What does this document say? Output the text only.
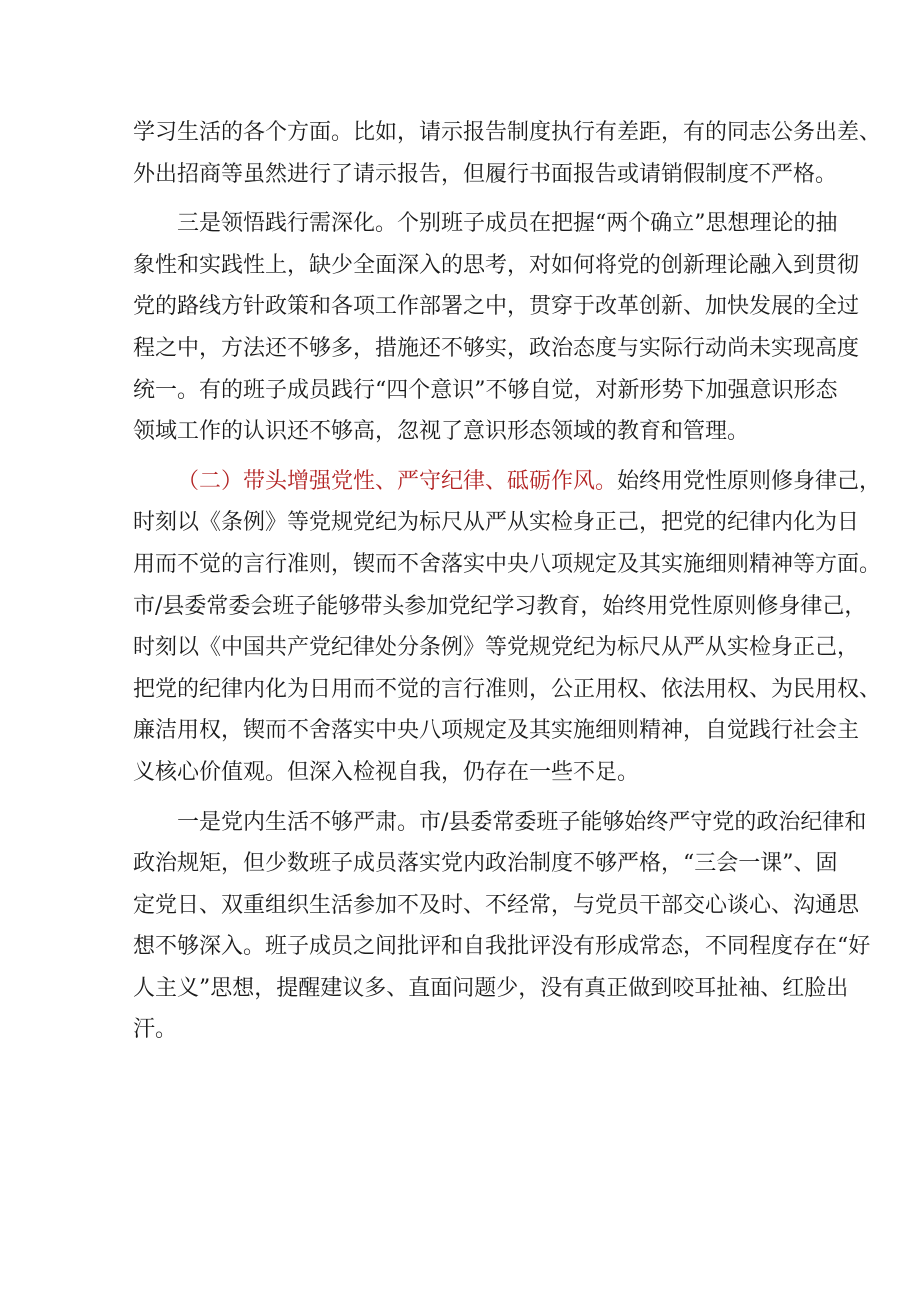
学习生活的各个方面。比如，请示报告制度执行有差距，有的同志公务出差、
外出招商等虽然进行了请示报告，但履行书面报告或请销假制度不严格。
三是领悟践行需深化。个别班子成员在把握“两个确立”思想理论的抽
象性和实践性上，缺少全面深入的思考，对如何将党的创新理论融入到贯彻
党的路线方针政策和各项工作部署之中，贯穿于改革创新、加快发展的全过
程之中，方法还不够多，措施还不够实，政治态度与实际行动尚未实现高度
统一。有的班子成员践行“四个意识”不够自觉，对新形势下加强意识形态
领域工作的认识还不够高，忽视了意识形态领域的教育和管理。
（二）带头增强党性、严守纪律、砥砺作风。始终用党性原则修身律己，
时刻以《条例》等党规党纪为标尺从严从实检身正己，把党的纪律内化为日
用而不觉的言行准则，锲而不舍落实中央八项规定及其实施细则精神等方面。
市/县委常委会班子能够带头参加党纪学习教育，始终用党性原则修身律己，
时刻以《中国共产党纪律处分条例》等党规党纪为标尺从严从实检身正己，
把党的纪律内化为日用而不觉的言行准则，公正用权、依法用权、为民用权、
廉洁用权，锲而不舍落实中央八项规定及其实施细则精神，自觉践行社会主
义核心价值观。但深入检视自我，仍存在一些不足。
一是党内生活不够严肃。市/县委常委班子能够始终严守党的政治纪律和
政治规矩，但少数班子成员落实党内政治制度不够严格，“三会一课”、固
定党日、双重组织生活参加不及时、不经常，与党员干部交心谈心、沟通思
想不够深入。班子成员之间批评和自我批评没有形成常态，不同程度存在“好
人主义”思想，提醒建议多、直面问题少，没有真正做到咬耳扯袖、红脸出
汗。
